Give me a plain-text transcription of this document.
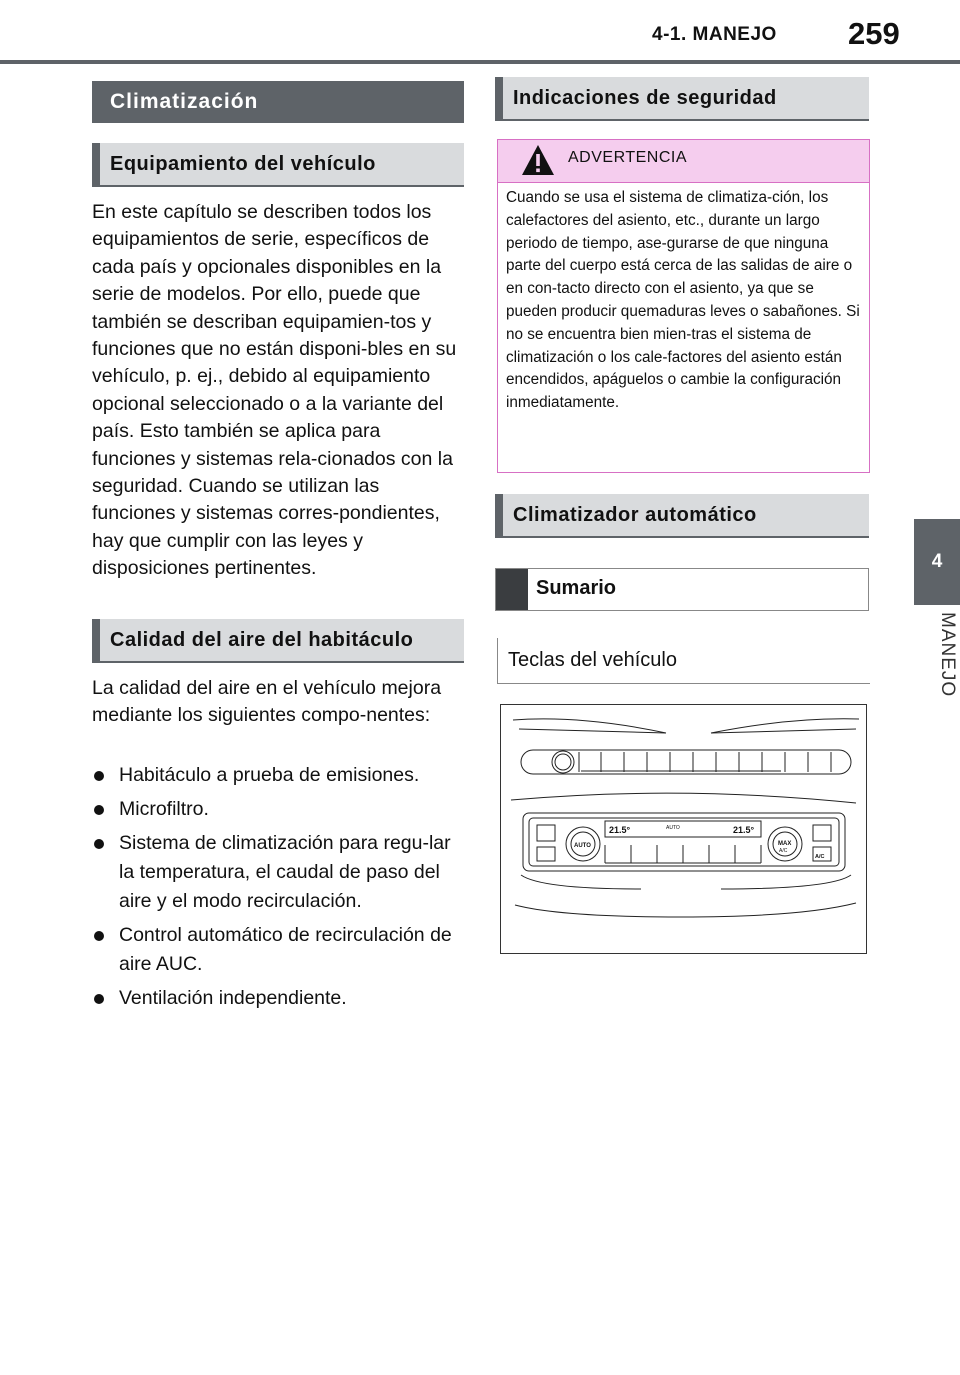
4-1. MANEJO 259
4
MANEJO
Climatización
Equipamiento del vehículo
En este capítulo se describen todos los equipamientos de serie, específicos de cada país y opcionales disponibles en la serie de modelos. Por ello, puede que también se describan equipamien-tos y funciones que no están disponi-bles en su vehículo, p. ej., debido al equipamiento opcional seleccionado o a la variante del país. Esto también se aplica para funciones y sistemas rela-cionados con la seguridad. Cuando se utilizan las funciones y sistemas corres-pondientes, hay que cumplir con las leyes y disposiciones pertinentes.
Calidad del aire del habitáculo
La calidad del aire en el vehículo mejora mediante los siguientes compo-nentes:
Habitáculo a prueba de emisiones.
Microfiltro.
Sistema de climatización para regu-lar la temperatura, el caudal de paso del aire y el modo recirculación.
Control automático de recirculación de aire AUC.
Ventilación independiente.
Indicaciones de seguridad
ADVERTENCIA
Cuando se usa el sistema de climatiza-ción, los calefactores del asiento, etc., durante un largo periodo de tiempo, ase-gurarse de que ninguna parte del cuerpo está cerca de las salidas de aire o en con-tacto directo con el asiento, ya que se pueden producir quemaduras leves o sabañones. Si no se encuentra bien mien-tras el sistema de climatización o los cale-factores del asiento están encendidos, apáguelos o cambie la configuración inmediatamente.
Climatizador automático
Sumario
Teclas del vehículo
21.5°	21.5°
AUTO
AUTO	MAX
A/C
A/C
